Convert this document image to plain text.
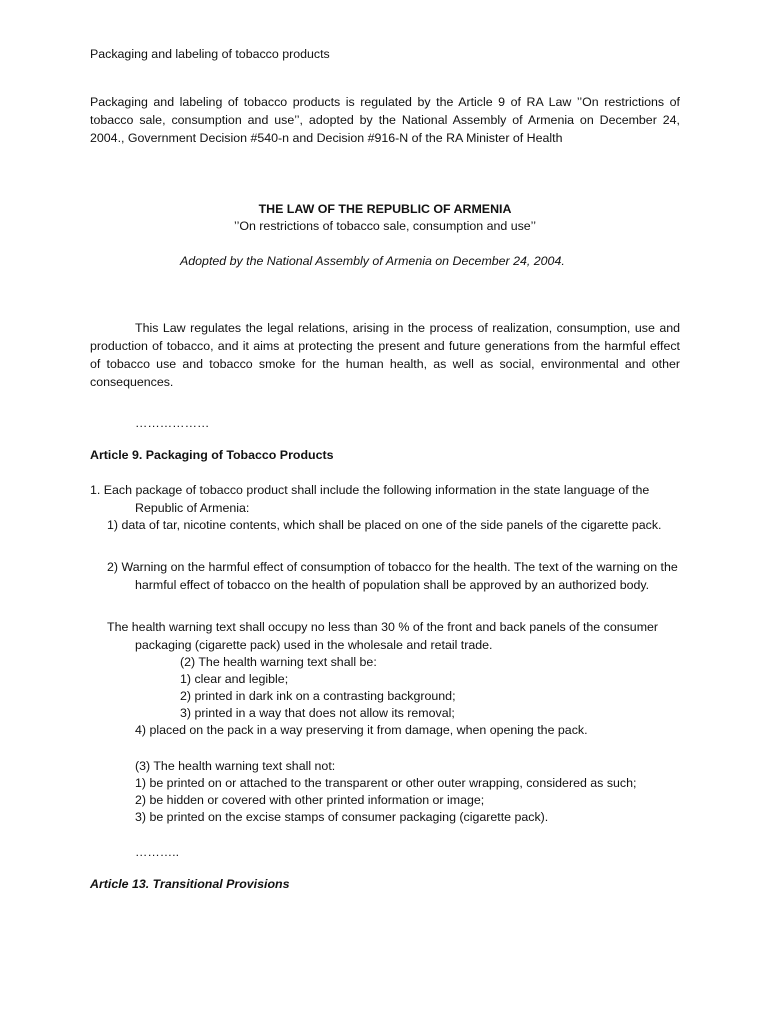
Packaging and labeling of tobacco products

Packaging and labeling of tobacco products is regulated by the Article 9 of RA Law ’’On restrictions of tobacco sale, consumption and use’’, adopted by the National Assembly of Armenia on December 24, 2004., Government Decision #540-n and Decision #916-N of the RA Minister of Health

THE LAW OF THE REPUBLIC OF ARMENIA

’’On restrictions of tobacco sale, consumption and use’’

Adopted by the National Assembly of Armenia on December 24, 2004.

This Law regulates the legal relations, arising in the process of realization, consumption, use and production of tobacco, and it aims at protecting the present and future generations from the harmful effect of tobacco use and tobacco smoke for the human health, as well as social, environmental and other consequences.

………………

Article 9. Packaging of Tobacco Products

1. Each package of tobacco product shall include the following information in the state language of the Republic of Armenia:

1) data of tar, nicotine contents, which shall be placed on one of the side panels of the cigarette pack.

2) Warning on the harmful effect of consumption of tobacco for the health. The text of the warning on the harmful effect of tobacco on the health of population shall be approved by an authorized body.

The health warning text shall occupy no less than 30 % of the front and back panels of the consumer packaging (cigarette pack) used in the wholesale and retail trade.

(2) The health warning text shall be:

1) clear and legible;

2) printed in dark ink on a contrasting background;

3) printed in a way that does not allow its removal;

4) placed on the pack in a way preserving it from damage, when opening the pack.

(3) The health warning text shall not:

1) be printed on or attached to the transparent or other outer wrapping, considered as such;

2) be hidden or covered with other printed information or image;

3) be printed on the excise stamps of consumer packaging (cigarette pack).

………..

Article 13. Transitional Provisions
